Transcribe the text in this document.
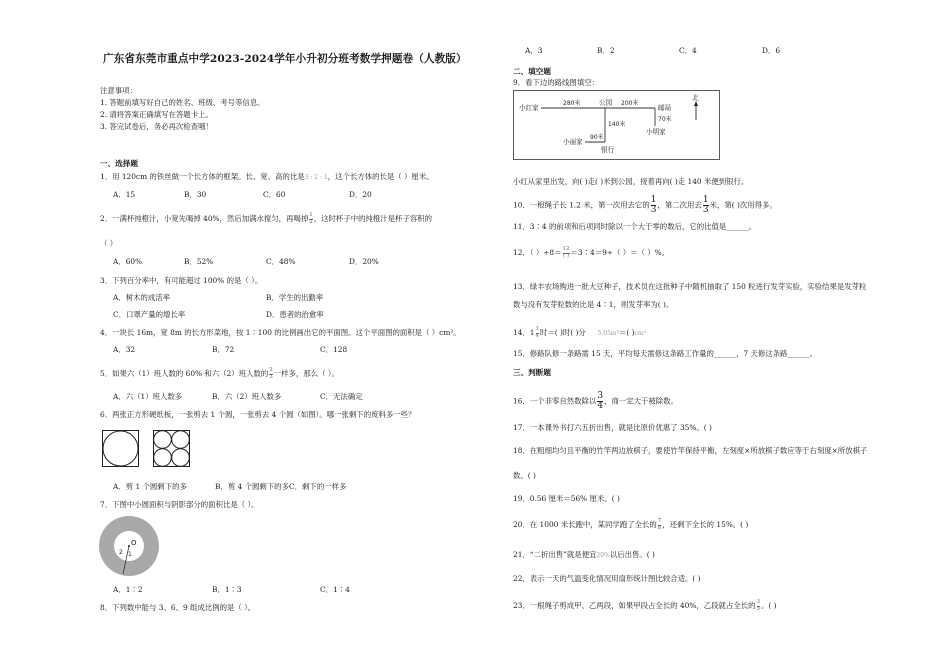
广东省东莞市重点中学2023-2024学年小升初分班考数学押题卷（人教版）
注意事项：
1. 答题前填写好自己的姓名、班级、考号等信息。
2. 请将答案正确填写在答题卡上。
3. 答完试卷后，务必再次检查哦！
一、选择题
1．用 120cm 的铁丝做一个长方体的框架。长、宽、高的比是3 : 2 : 1，这个长方体的长是（ ）厘米。
A．15	B．30	C．60	D．20
2．一满杯纯橙汁，小宽先喝掉 40%，然后加满水搅匀，再喝掉$\frac{1}{2}$ ，这时杯子中的纯橙汁是杯子容积的
（ ）
A．60%	B．52%	C．48%	D．20%
3．下列百分率中，有可能超过 100% 的是（ ）。
A．树木的成活率	B．学生的出勤率
C．口罩产量的增长率	D．患者的治愈率
4．一块长 16m，宽 8m 的长方形菜地，按 1∶100 的比例画出它的平面图。这个平面图的面积是（ ）cm²。
A．32	B．72	C．128
5．如果六（1）班人数的 60% 和六（2）班人数的$\frac{2}{3}$ 一样多，那么（ ）。
A．六（1）班人数多	B．六（2）班人数多	C．无法确定
6．两张正方形硬纸板，一张剪去 1 个圆，一张剪去 4 个圆（如图）。哪一张剩下的废料多一些？
A．剪 1 个圆剩下的多	B．剪 4 个圆剩下的多 C．剩下的一样多
7．下图中小圆面积与阴影部分的面积比是（ ）。
O
1
2
A．1∶2	B．1∶3	C．1∶4
8．下列数中能与 3、6、9 组成比例的是（ ）。
A．3	B．2	C．4	D．6
二、填空题
9．看下边的路线图填空：
小红家
280米	公园 200米
邮局
140米
70米
小明家
小丽家
90米
银行
北
小红从家里出发，向( )走( )米到公园，接着再向( )走 140 米便到银行。
10．一根绳子长 1.2 米，第一次用去它的$\frac{1}{3}$ ，第二次用去$\frac{1}{3}$ 米，第( )次用得多。
11．3∶4 的前项和后项同时除以一个大于零的数后，它的比值是______。
12．（ ）$\div 8=\frac{12}{( )}$ ＝3∶4＝9÷（ ）＝（ ）%。
13．绿丰农场购进一批大豆种子，技术员在这批种子中随机抽取了 150 粒进行发芽实验，实验结果是发芽粒
数与没有发芽粒数的比是 4∶1，则发芽率为( )。
14．$1\frac{1}{4}$ 时＝( )时( )分 5.05m³＝( )cm³
15．修路队修一条路需 15 天，平均每天需修这条路工作量的______，7 天修这条路______。
三、判断题
16．一个非零自然数除以$\frac{3}{4}$ ，商一定大于被除数。
17．一本课外书打六五折出售，就是比原价优惠了 35%。( )
18．在粗细均匀且平衡的竹竿两边放棋子，要使竹竿保持平衡，左刻度×所放棋子数应等于右刻度×所放棋子
数。( )
19．0.56 厘米＝56% 厘米。( )
20．在 1000 米长跑中，某同学跑了全长的$\frac{7}{8}$ ，还剩下全长的 15%。( )
21．“二折出售”就是便宜20%以后出售。( )
22．表示一天的气温变化情况用扇形统计图比较合适。( )
23．一根绳子剪成甲、乙两段，如果甲段占全长的 40%，乙段就占全长的$\frac{3}{5}$ 。( )
